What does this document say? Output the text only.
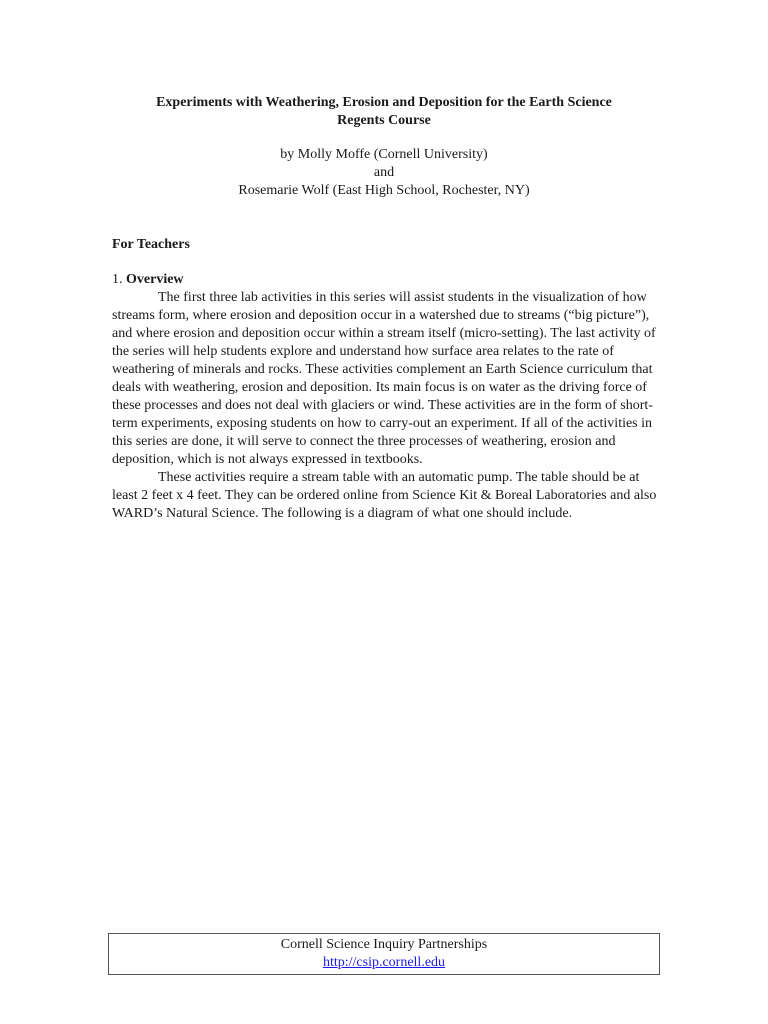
Experiments with Weathering, Erosion and Deposition for the Earth Science
Regents Course
by Molly Moffe (Cornell University)
and
Rosemarie Wolf (East High School, Rochester, NY)
For Teachers
1. Overview

The first three lab activities in this series will assist students in the visualization of how streams form, where erosion and deposition occur in a watershed due to streams (“big picture”), and where erosion and deposition occur within a stream itself (micro-setting). The last activity of the series will help students explore and understand how surface area relates to the rate of weathering of minerals and rocks. These activities complement an Earth Science curriculum that deals with weathering, erosion and deposition. Its main focus is on water as the driving force of these processes and does not deal with glaciers or wind. These activities are in the form of short-term experiments, exposing students on how to carry-out an experiment. If all of the activities in this series are done, it will serve to connect the three processes of weathering, erosion and deposition, which is not always expressed in textbooks.

These activities require a stream table with an automatic pump. The table should be at least 2 feet x 4 feet. They can be ordered online from Science Kit & Boreal Laboratories and also WARD’s Natural Science. The following is a diagram of what one should include.

Cornell Science Inquiry Partnerships
http://csip.cornell.edu
